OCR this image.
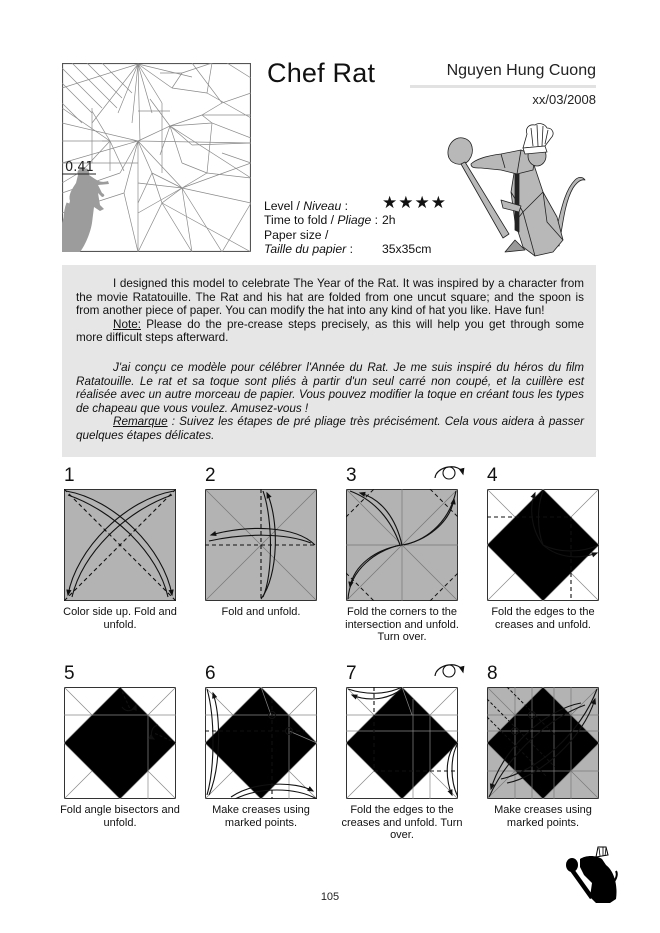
0.41
Chef Rat	Nguyen Hung Cuong
xx/03/2008
Level / Niveau : ★★★★
Time to fold / Pliage : 2h
Paper size /
Taille du papier : 35x35cm
I designed this model to celebrate The Year of the Rat. It was inspired by a character from the movie Ratatouille. The Rat and his hat are folded from one uncut square; and the spoon is from another piece of paper. You can modify the hat into any kind of hat you like. Have fun!
Note: Please do the pre-crease steps precisely, as this will help you get through some more difficult steps afterward.
J'ai conçu ce modèle pour célébrer l'Année du Rat. Je me suis inspiré du héros du film Ratatouille. Le rat et sa toque sont pliés à partir d'un seul carré non coupé, et la cuillère est réalisée avec un autre morceau de papier. Vous pouvez modifier la toque en créant tous les types de chapeau que vous voulez. Amusez-vous !
Remarque : Suivez les étapes de pré pliage très précisément. Cela vous aidera à passer quelques étapes délicates.
1
Color side up. Fold and unfold.
2
Fold and unfold.
3
Fold the corners to the intersection and unfold. Turn over.
4
Fold the edges to the creases and unfold.
5
Fold angle bisectors and unfold.
6
Make creases using marked points.
7
Fold the edges to the creases and unfold. Turn over.
8
Make creases using marked points.
105
